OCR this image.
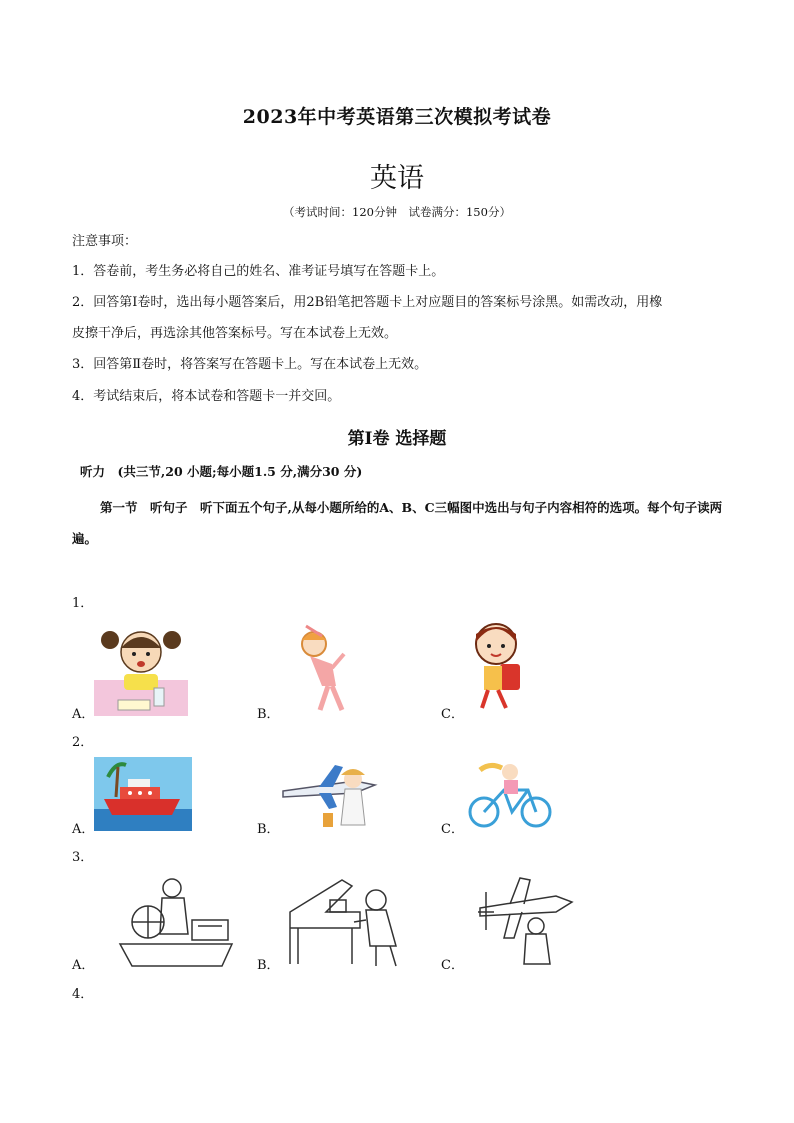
2023年中考英语第三次模拟考试卷
英语
（考试时间：120分钟　试卷满分：150分）
注意事项：
1．答卷前，考生务必将自己的姓名、准考证号填写在答题卡上。
2．回答第Ⅰ卷时，选出每小题答案后，用2B铅笔把答题卡上对应题目的答案标号涂黑。如需改动，用橡
皮擦干净后，再选涂其他答案标号。写在本试卷上无效。
3．回答第Ⅱ卷时，将答案写在答题卡上。写在本试卷上无效。
4．考试结束后，将本试卷和答题卡一并交回。
第Ⅰ卷 选择题
听力　(共三节,20 小题;每小题1.5 分,满分30 分)
第一节　听句子　听下面五个句子,从每小题所给的A、B、C三幅图中选出与句子内容相符的选项。每个句子读两遍。
1．
A．	B．	C．
2．
A．	B．	C．
3．
A．	B．	C．
4．
